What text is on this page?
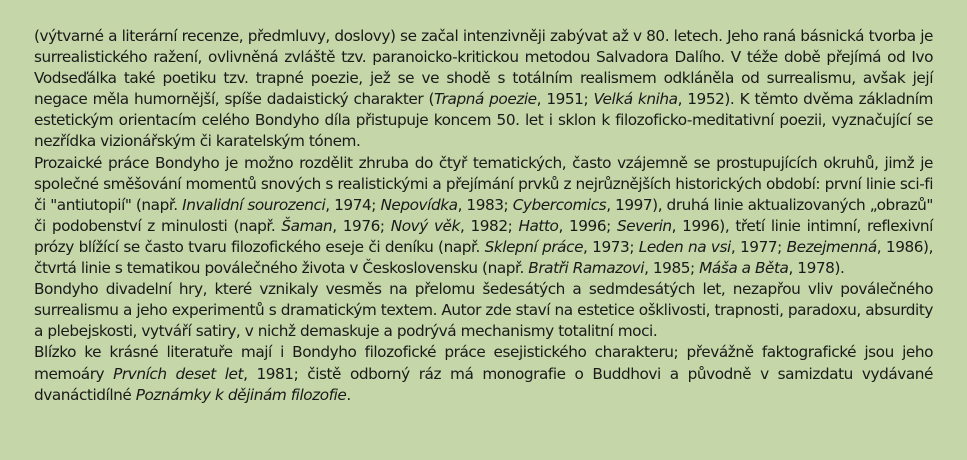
(výtvarné a literární recenze, předmluvy, doslovy) se začal intenzivněji zabývat až v 80. letech. Jeho raná básnická tvorba je surrealistického ražení, ovlivněná zvláště tzv. paranoicko-kritickou metodou Salvadora Dalího. V téže době přejímá od Ivo Vodseďálka také poetiku tzv. trapné poezie, jež se ve shodě s totálním realismem odkláněla od surrealismu, avšak její negace měla humornější, spíše dadaistický charakter (Trapná poezie, 1951; Velká kniha, 1952). K těmto dvěma základním estetickým orientacím celého Bondyho díla přistupuje koncem 50. let i sklon k filozoficko-meditativní poezii, vyznačující se nezřídka vizionářským či karatelským tónem.

Prozaické práce Bondyho je možno rozdělit zhruba do čtyř tematických, často vzájemně se prostupujících okruhů, jimž je společné směšování momentů snových s realistickými a přejímání prvků z nejrůznějších historických období: první linie sci-fi či "antiutopií" (např. Invalidní sourozenci, 1974; Nepovídka, 1983; Cybercomics, 1997), druhá linie aktualizovaných „obrazů" či podobenství z minulosti (např. Šaman, 1976; Nový věk, 1982; Hatto, 1996; Severin, 1996), třetí linie intimní, reflexivní prózy blížící se často tvaru filozofického eseje či deníku (např. Sklepní práce, 1973; Leden na vsi, 1977; Bezejmenná, 1986), čtvrtá linie s tematikou poválečného života v Československu (např. Bratři Ramazovi, 1985; Máša a Běta, 1978).

Bondyho divadelní hry, které vznikaly vesměs na přelomu šedesátých a sedmdesátých let, nezapřou vliv poválečného surrealismu a jeho experimentů s dramatickým textem. Autor zde staví na estetice ošklivosti, trapnosti, paradoxu, absurdity a plebejskosti, vytváří satiry, v nichž demaskuje a podrývá mechanismy totalitní moci.

Blízko ke krásné literatuře mají i Bondyho filozofické práce esejistického charakteru; převážně faktografické jsou jeho memoáry Prvních deset let, 1981; čistě odborný ráz má monografie o Buddhovi a původně v samizdatu vydávané dvanáctidílné Poznámky k dějinám filozofie.
